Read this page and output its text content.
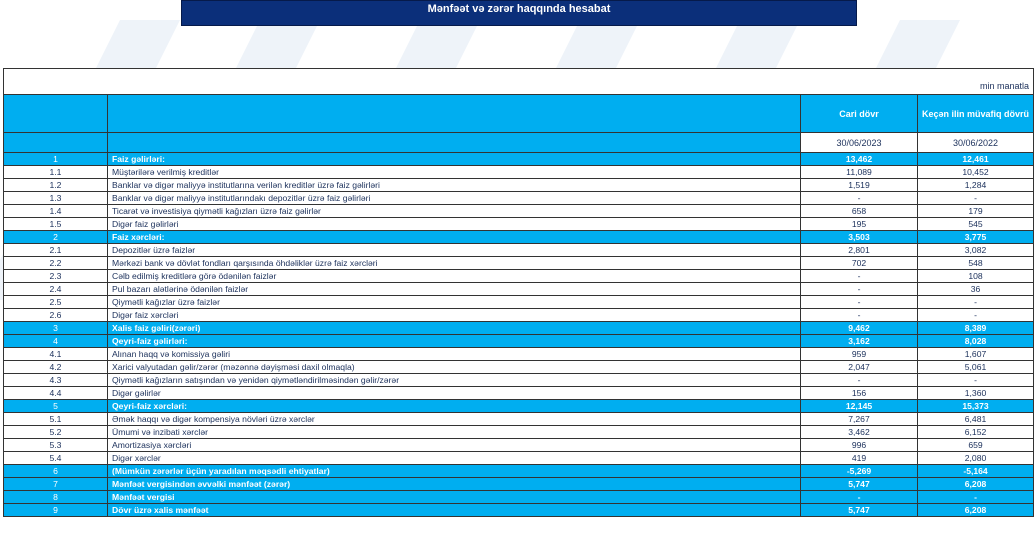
Mənfəət və zərər haqqında hesabat
min manatla			
		Cari dövr	Keçən ilin müvafiq dövrü
		30/06/2023	30/06/2022
1	Faiz gəlirləri:	13,462	12,461
1.1	Müştərilərə verilmiş kreditlər	11,089	10,452
1.2	Banklar və digər maliyyə institutlarına verilən kreditlər üzrə faiz gəlirləri	1,519	1,284
1.3	Banklar və digər maliyyə institutlarındakı depozitlər üzrə faiz gəlirləri	-	-
1.4	Ticarət və investisiya qiymətli kağızları üzrə faiz gəlirlər	658	179
1.5	Digər faiz gəlirləri	195	545
2	Faiz xərcləri:	3,503	3,775
2.1	Depozitlər üzrə faizlər	2,801	3,082
2.2	Mərkəzi bank və dövlət fondları qarşısında öhdəliklər üzrə faiz xərcləri	702	548
2.3	Cəlb edilmiş kreditlərə görə ödənilən faizlər	-	108
2.4	Pul bazarı alətlərinə ödənilən faizlər	-	36
2.5	Qiymətli kağızlar üzrə faizlər	-	-
2.6	Digər faiz xərcləri	-	-
3	Xalis faiz gəliri(zərəri)	9,462	8,389
4	Qeyri-faiz gəlirləri:	3,162	8,028
4.1	Alınan haqq və komissiya gəliri	959	1,607
4.2	Xarici valyutadan gəlir/zərər (məzənnə dəyişməsi daxil olmaqla)	2,047	5,061
4.3	Qiymətli kağızların satışından və yenidən qiymətləndirilməsindən gəlir/zərər	-	-
4.4	Digər gəlirlər	156	1,360
5	Qeyri-faiz xərcləri:	12,145	15,373
5.1	Əmək haqqı və digər kompensiya növləri üzrə xərclər	7,267	6,481
5.2	Ümumi və inzibati xərclər	3,462	6,152
5.3	Amortizasiya xərcləri	996	659
5.4	Digər xərclər	419	2,080
6	(Mümkün zərərlər üçün yaradılan məqsədli ehtiyatlar)	-5,269	-5,164
7	Mənfəət vergisindən əvvəlki mənfəət (zərər)	5,747	6,208
8	Mənfəət vergisi	-	-
9	Dövr üzrə xalis mənfəət	5,747	6,208
